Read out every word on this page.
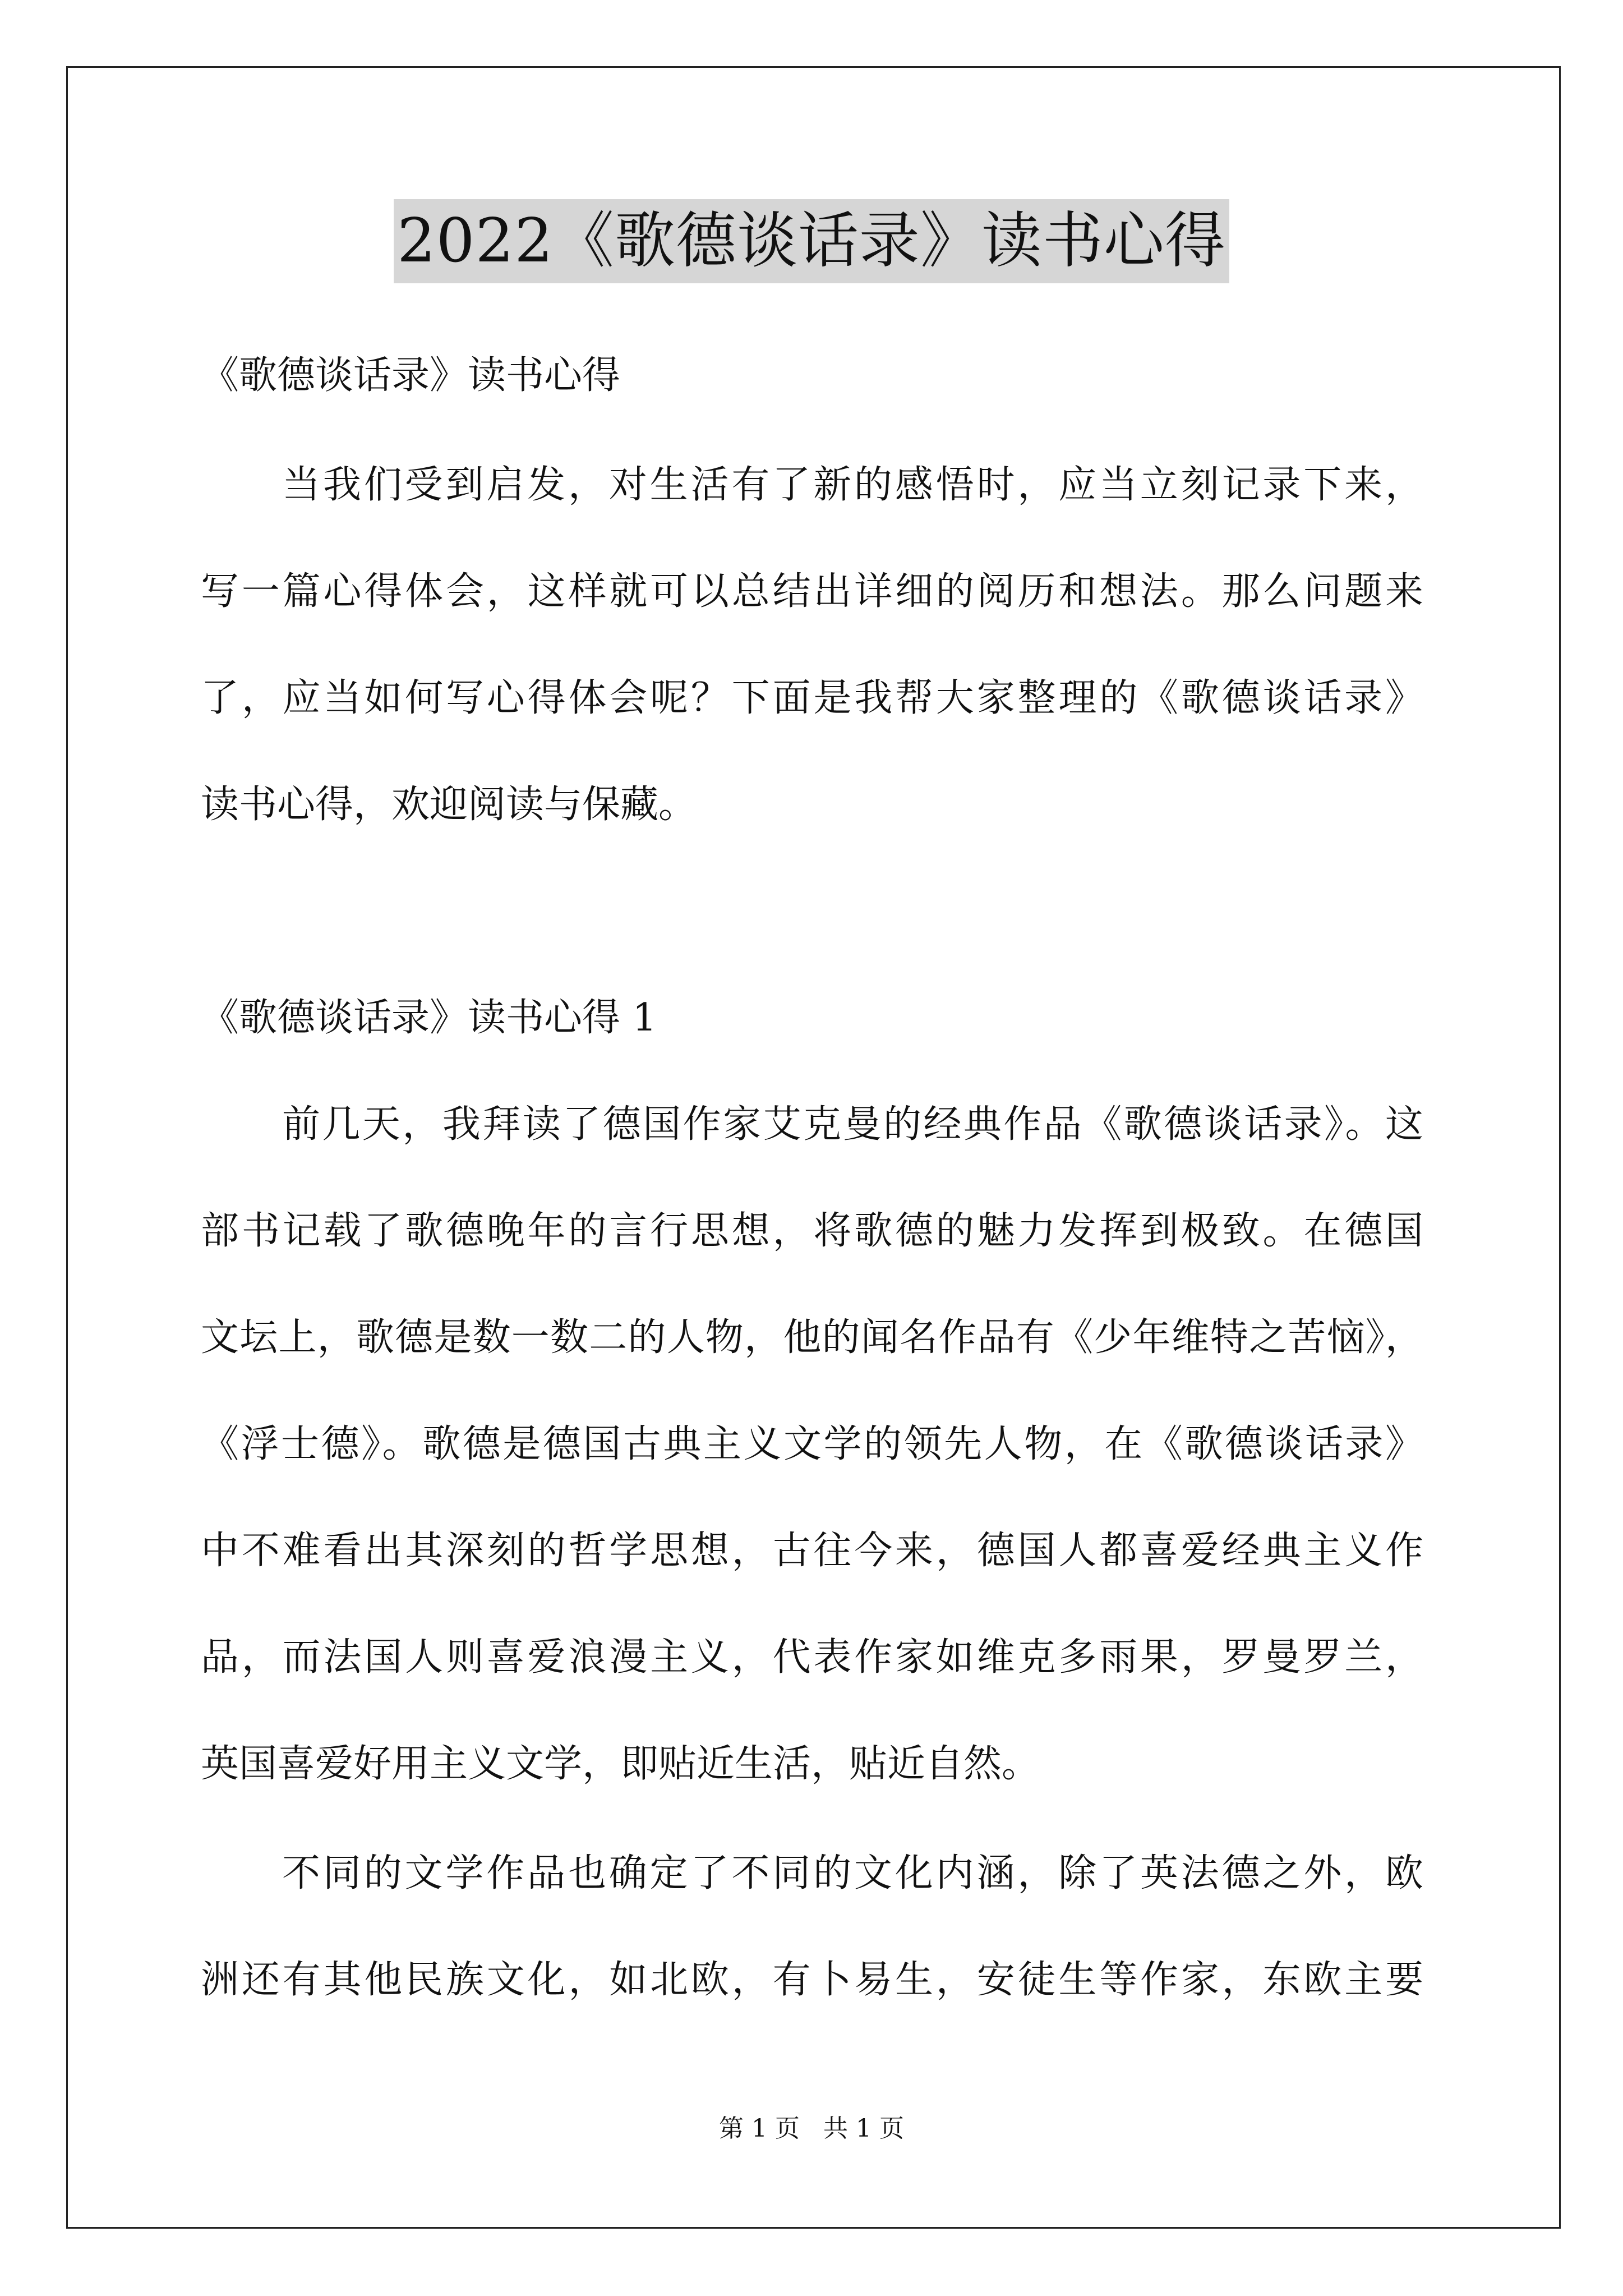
2022《歌德谈话录》读书心得
《歌德谈话录》读书心得
当我们受到启发，对生活有了新的感悟时，应当立刻记录下来，
写一篇心得体会，这样就可以总结出详细的阅历和想法。那么问题来
了，应当如何写心得体会呢？下面是我帮大家整理的《歌德谈话录》
读书心得，欢迎阅读与保藏。
《歌德谈话录》读书心得 1
前几天，我拜读了德国作家艾克曼的经典作品《歌德谈话录》。这
部书记载了歌德晚年的言行思想，将歌德的魅力发挥到极致。在德国
文坛上，歌德是数一数二的人物，他的闻名作品有《少年维特之苦恼》，
《浮士德》。歌德是德国古典主义文学的领先人物，在《歌德谈话录》
中不难看出其深刻的哲学思想，古往今来，德国人都喜爱经典主义作
品，而法国人则喜爱浪漫主义，代表作家如维克多雨果，罗曼罗兰，
英国喜爱好用主义文学，即贴近生活，贴近自然。
不同的文学作品也确定了不同的文化内涵，除了英法德之外，欧
洲还有其他民族文化，如北欧，有卜易生，安徒生等作家，东欧主要
第 1 页 共 1 页
